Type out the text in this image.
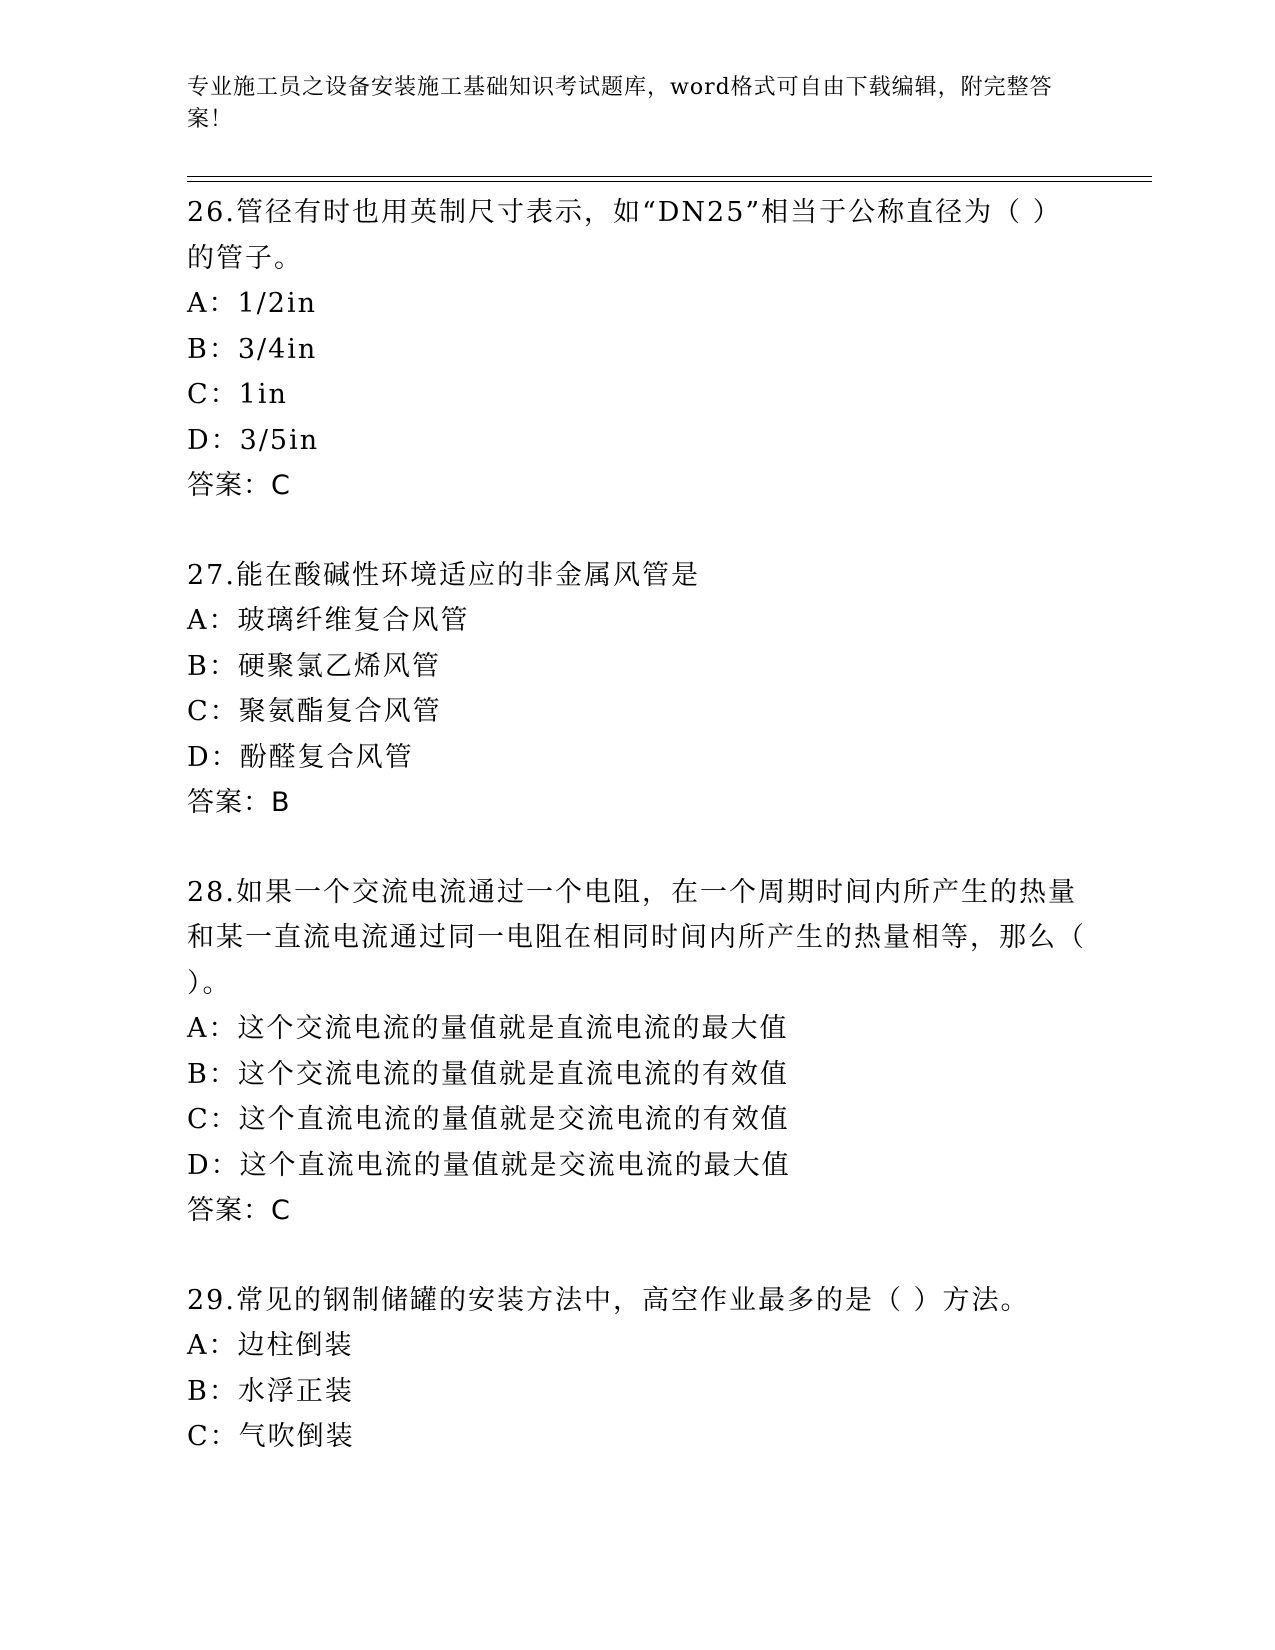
专业施工员之设备安装施工基础知识考试题库，word格式可自由下载编辑，附完整答案！
26.管径有时也用英制尺寸表示，如“DN25”相当于公称直径为（ ）的管子。
A：1/2in
B：3/4in
C：1in
D：3/5in
答案：C
27.能在酸碱性环境适应的非金属风管是
A：玻璃纤维复合风管
B：硬聚氯乙烯风管
C：聚氨酯复合风管
D：酚醛复合风管
答案：B
28.如果一个交流电流通过一个电阻，在一个周期时间内所产生的热量和某一直流电流通过同一电阻在相同时间内所产生的热量相等，那么（ ）。
A：这个交流电流的量值就是直流电流的最大值
B：这个交流电流的量值就是直流电流的有效值
C：这个直流电流的量值就是交流电流的有效值
D：这个直流电流的量值就是交流电流的最大值
答案：C
29.常见的钢制储罐的安装方法中，高空作业最多的是（ ）方法。
A：边柱倒装
B：水浮正装
C：气吹倒装
